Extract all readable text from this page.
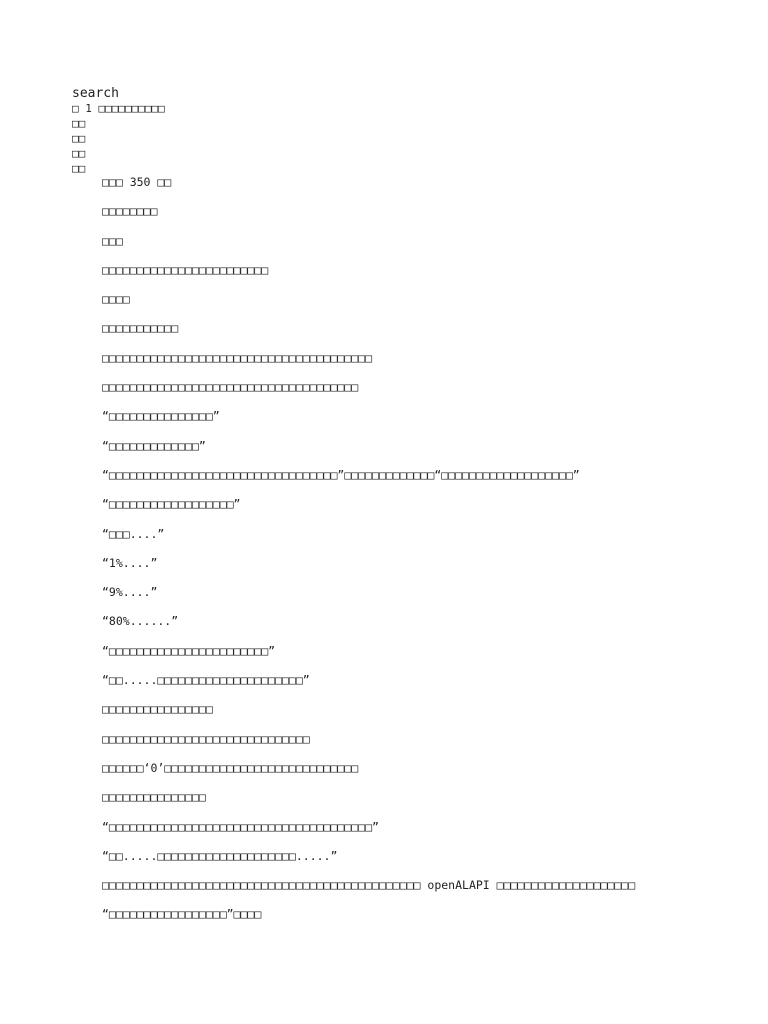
search

□ 1 □□□□□□□□□□

□□

□□

□□

□□

□□□ 350 □□
□□□□□□□□
□□□
□□□□□□□□□□□□□□□□□□□□□□□□
□□□□
□□□□□□□□□□□
□□□□□□□□□□□□□□□□□□□□□□□□□□□□□□□□□□□□□□□
□□□□□□□□□□□□□□□□□□□□□□□□□□□□□□□□□□□□□
“□□□□□□□□□□□□□□□”
“□□□□□□□□□□□□□”
“□□□□□□□□□□□□□□□□□□□□□□□□□□□□□□□□□”□□□□□□□□□□□□□“□□□□□□□□□□□□□□□□□□□”
“□□□□□□□□□□□□□□□□□□”
“□□□....”
“1%....”
“9%....”
“80%......”
“□□□□□□□□□□□□□□□□□□□□□□□”
“□□.....□□□□□□□□□□□□□□□□□□□□□”
□□□□□□□□□□□□□□□□
□□□□□□□□□□□□□□□□□□□□□□□□□□□□□□
□□□□□□‘0’□□□□□□□□□□□□□□□□□□□□□□□□□□□□
□□□□□□□□□□□□□□□
“□□□□□□□□□□□□□□□□□□□□□□□□□□□□□□□□□□□□□□”
“□□.....□□□□□□□□□□□□□□□□□□□□.....”
□□□□□□□□□□□□□□□□□□□□□□□□□□□□□□□□□□□□□□□□□□□□□□ openALAPI □□□□□□□□□□□□□□□□□□□□
“□□□□□□□□□□□□□□□□□”□□□□
